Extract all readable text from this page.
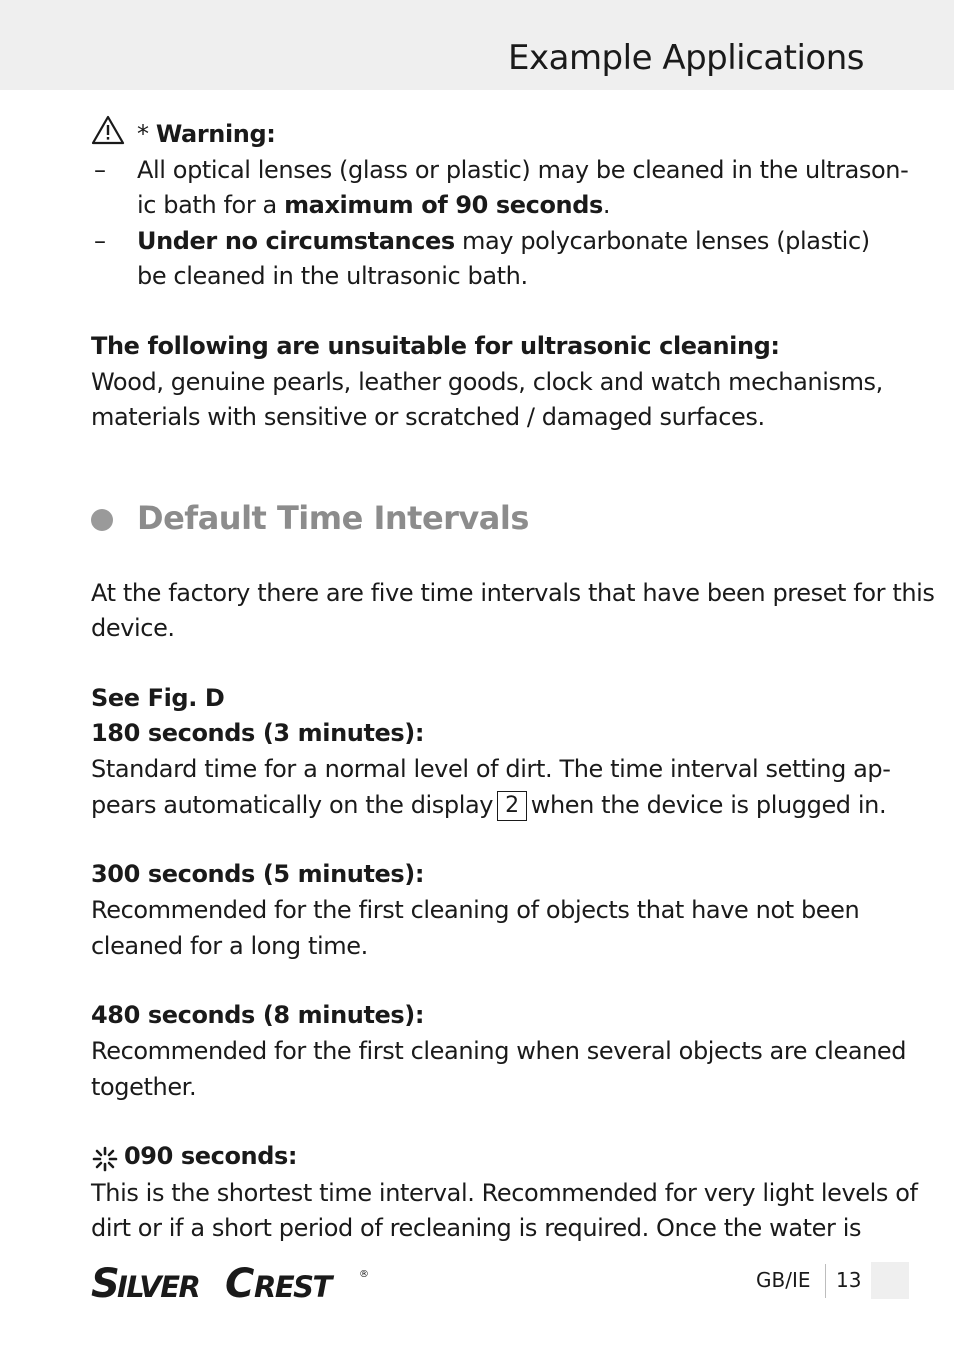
Example Applications
* Warning:
– All optical lenses (glass or plastic) may be cleaned in the ultrason-
ic bath for a maximum of 90 seconds.
– Under no circumstances may polycarbonate lenses (plastic)
be cleaned in the ultrasonic bath.
The following are unsuitable for ultrasonic cleaning:
Wood, genuine pearls, leather goods, clock and watch mechanisms,
materials with sensitive or scratched / damaged surfaces.
Default Time Intervals
At the factory there are five time intervals that have been preset for this
device.
See Fig. D
180 seconds (3 minutes):
Standard time for a normal level of dirt. The time interval setting ap-
pears automatically on the display 2 when the device is plugged in.
300 seconds (5 minutes):
Recommended for the first cleaning of objects that have not been
cleaned for a long time.
480 seconds (8 minutes):
Recommended for the first cleaning when several objects are cleaned
together.
090 seconds:
This is the shortest time interval. Recommended for very light levels of
dirt or if a short period of recleaning is required. Once the water is
S
ILVER C REST	®	GB/IE 13
